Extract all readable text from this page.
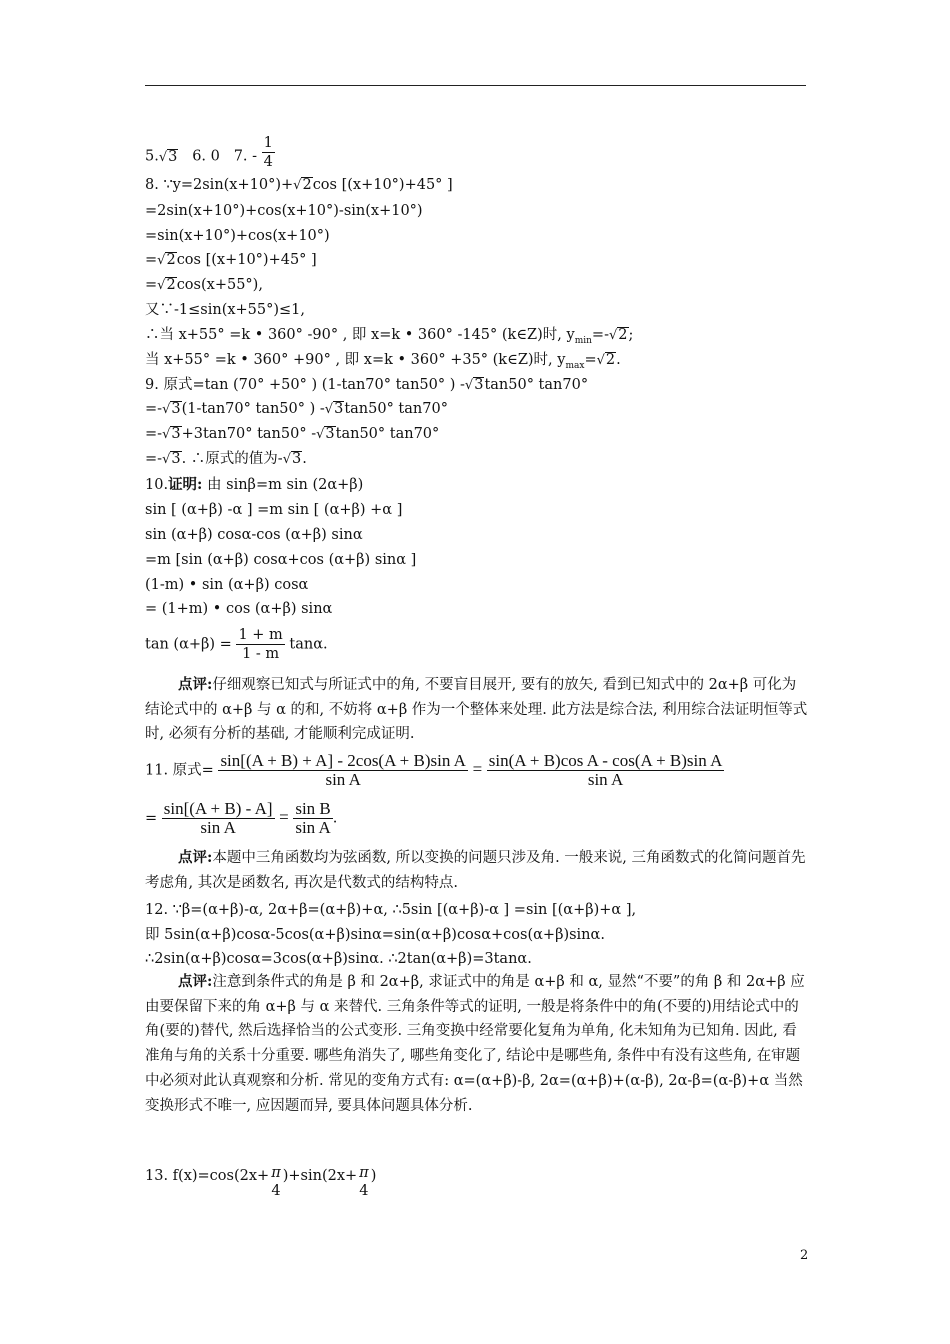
5.√3   6. 0   7. - $\frac{1}{4}$
8. ∵y=2sin(x+10°)+√2cos [(x+10°)+45° ]
=2sin(x+10°)+cos(x+10°)-sin(x+10°)
=sin(x+10°)+cos(x+10°)
=√2cos [(x+10°)+45° ]
=√2cos(x+55°),
又∵-1≤sin(x+55°)≤1,
∴当 x+55° =k • 360° -90° , 即 x=k • 360° -145° (k∈Z)时, $y_{min}=-√2$;
当 x+55° =k • 360° +90° , 即 x=k • 360° +35° (k∈Z)时, $y_{max}=√2$.
9. 原式=tan (70° +50° ) (1-tan70° tan50° ) -√3tan50° tan70°
=-√3(1-tan70° tan50° ) -√3tan50° tan70°
=-√3+3tan70° tan50° -√3tan50° tan70°
=-√3. ∴原式的值为-√3.
10.证明: 由 sinβ=m sin (2α+β)
sin [ (α+β) -α ] =m sin [ (α+β) +α ]
sin (α+β) cosα-cos (α+β) sinα
=m [sin (α+β) cosα+cos (α+β) sinα ]
(1-m) • sin (α+β) cosα
= (1+m) • cos (α+β) sinα
$\tan (\alpha+\beta) = \frac{1 + m}{1 - m} \tan\alpha$.
点评:仔细观察已知式与所证式中的角, 不要盲目展开, 要有的放矢, 看到已知式中的 2α+β 可化为结论式中的 α+β 与 α 的和, 不妨将 α+β 作为一个整体来处理. 此方法是综合法, 利用综合法证明恒等式时, 必须有分析的基础, 才能顺利完成证明.
11. 原式= $\frac{\text{sin[(A + B) + A] - 2cos(A + B)sin A}}{\text{sin A}} = \frac{\text{sin(A + B)cos A - cos(A + B)sin A}}{\text{sin A}}$
= $\frac{\sin[(A + B) - A]}{\text{sin A}} = \frac{\text{sin B}}{\text{sin A}}$ .
点评:本题中三角函数均为弦函数, 所以变换的问题只涉及角. 一般来说, 三角函数式的化简问题首先考虑角, 其次是函数名, 再次是代数式的结构特点.
12. ∵β=(α+β)-α, 2α+β=(α+β)+α, ∴5sin [(α+β)-α ] =sin [(α+β)+α ],
即 5sin(α+β)cosα-5cos(α+β)sinα=sin(α+β)cosα+cos(α+β)sinα.
∴2sin(α+β)cosα=3cos(α+β)sinα. ∴2tan(α+β)=3tanα.
点评:注意到条件式的角是 β 和 2α+β, 求证式中的角是 α+β 和 α, 显然“不要”的角 β 和 2α+β 应由要保留下来的角 α+β 与 α 来替代. 三角条件等式的证明, 一般是将条件中的角(不要的)用结论式中的角(要的)替代, 然后选择恰当的公式变形. 三角变换中经常要化复角为单角, 化未知角为已知角. 因此, 看准角与角的关系十分重要. 哪些角消失了, 哪些角变化了, 结论中是哪些角, 条件中有没有这些角, 在审题中必须对此认真观察和分析. 常见的变角方式有: α=(α+β)-β, 2α=(α+β)+(α-β), 2α-β=(α-β)+α 当然变换形式不唯一, 应因题而异, 要具体问题具体分析.
13. f(x)=cos(2x+ π
4
)+sin(2x+ π
4
)
2
